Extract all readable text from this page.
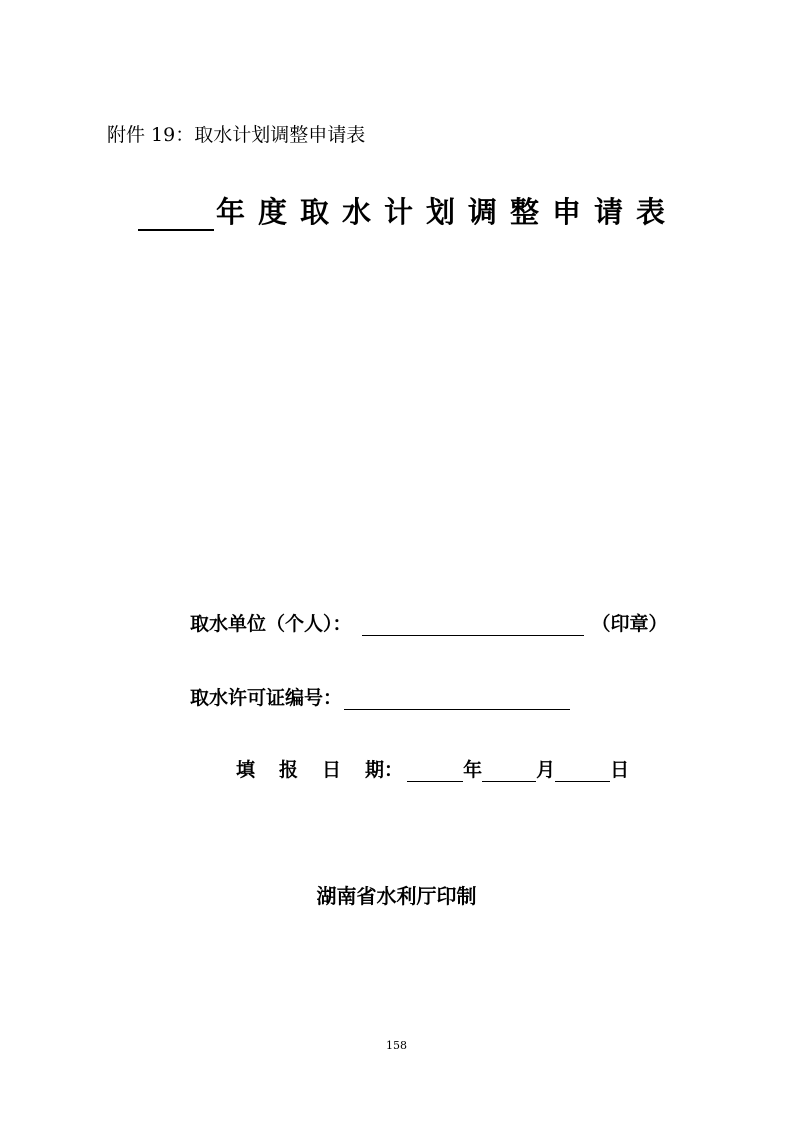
附件 19：取水计划调整申请表
年度取水计划调整申请表
取水单位（个人）：	（印章）
取水许可证编号：
填 报 日 期：	年	月	日
湖南省水利厅印制
158
